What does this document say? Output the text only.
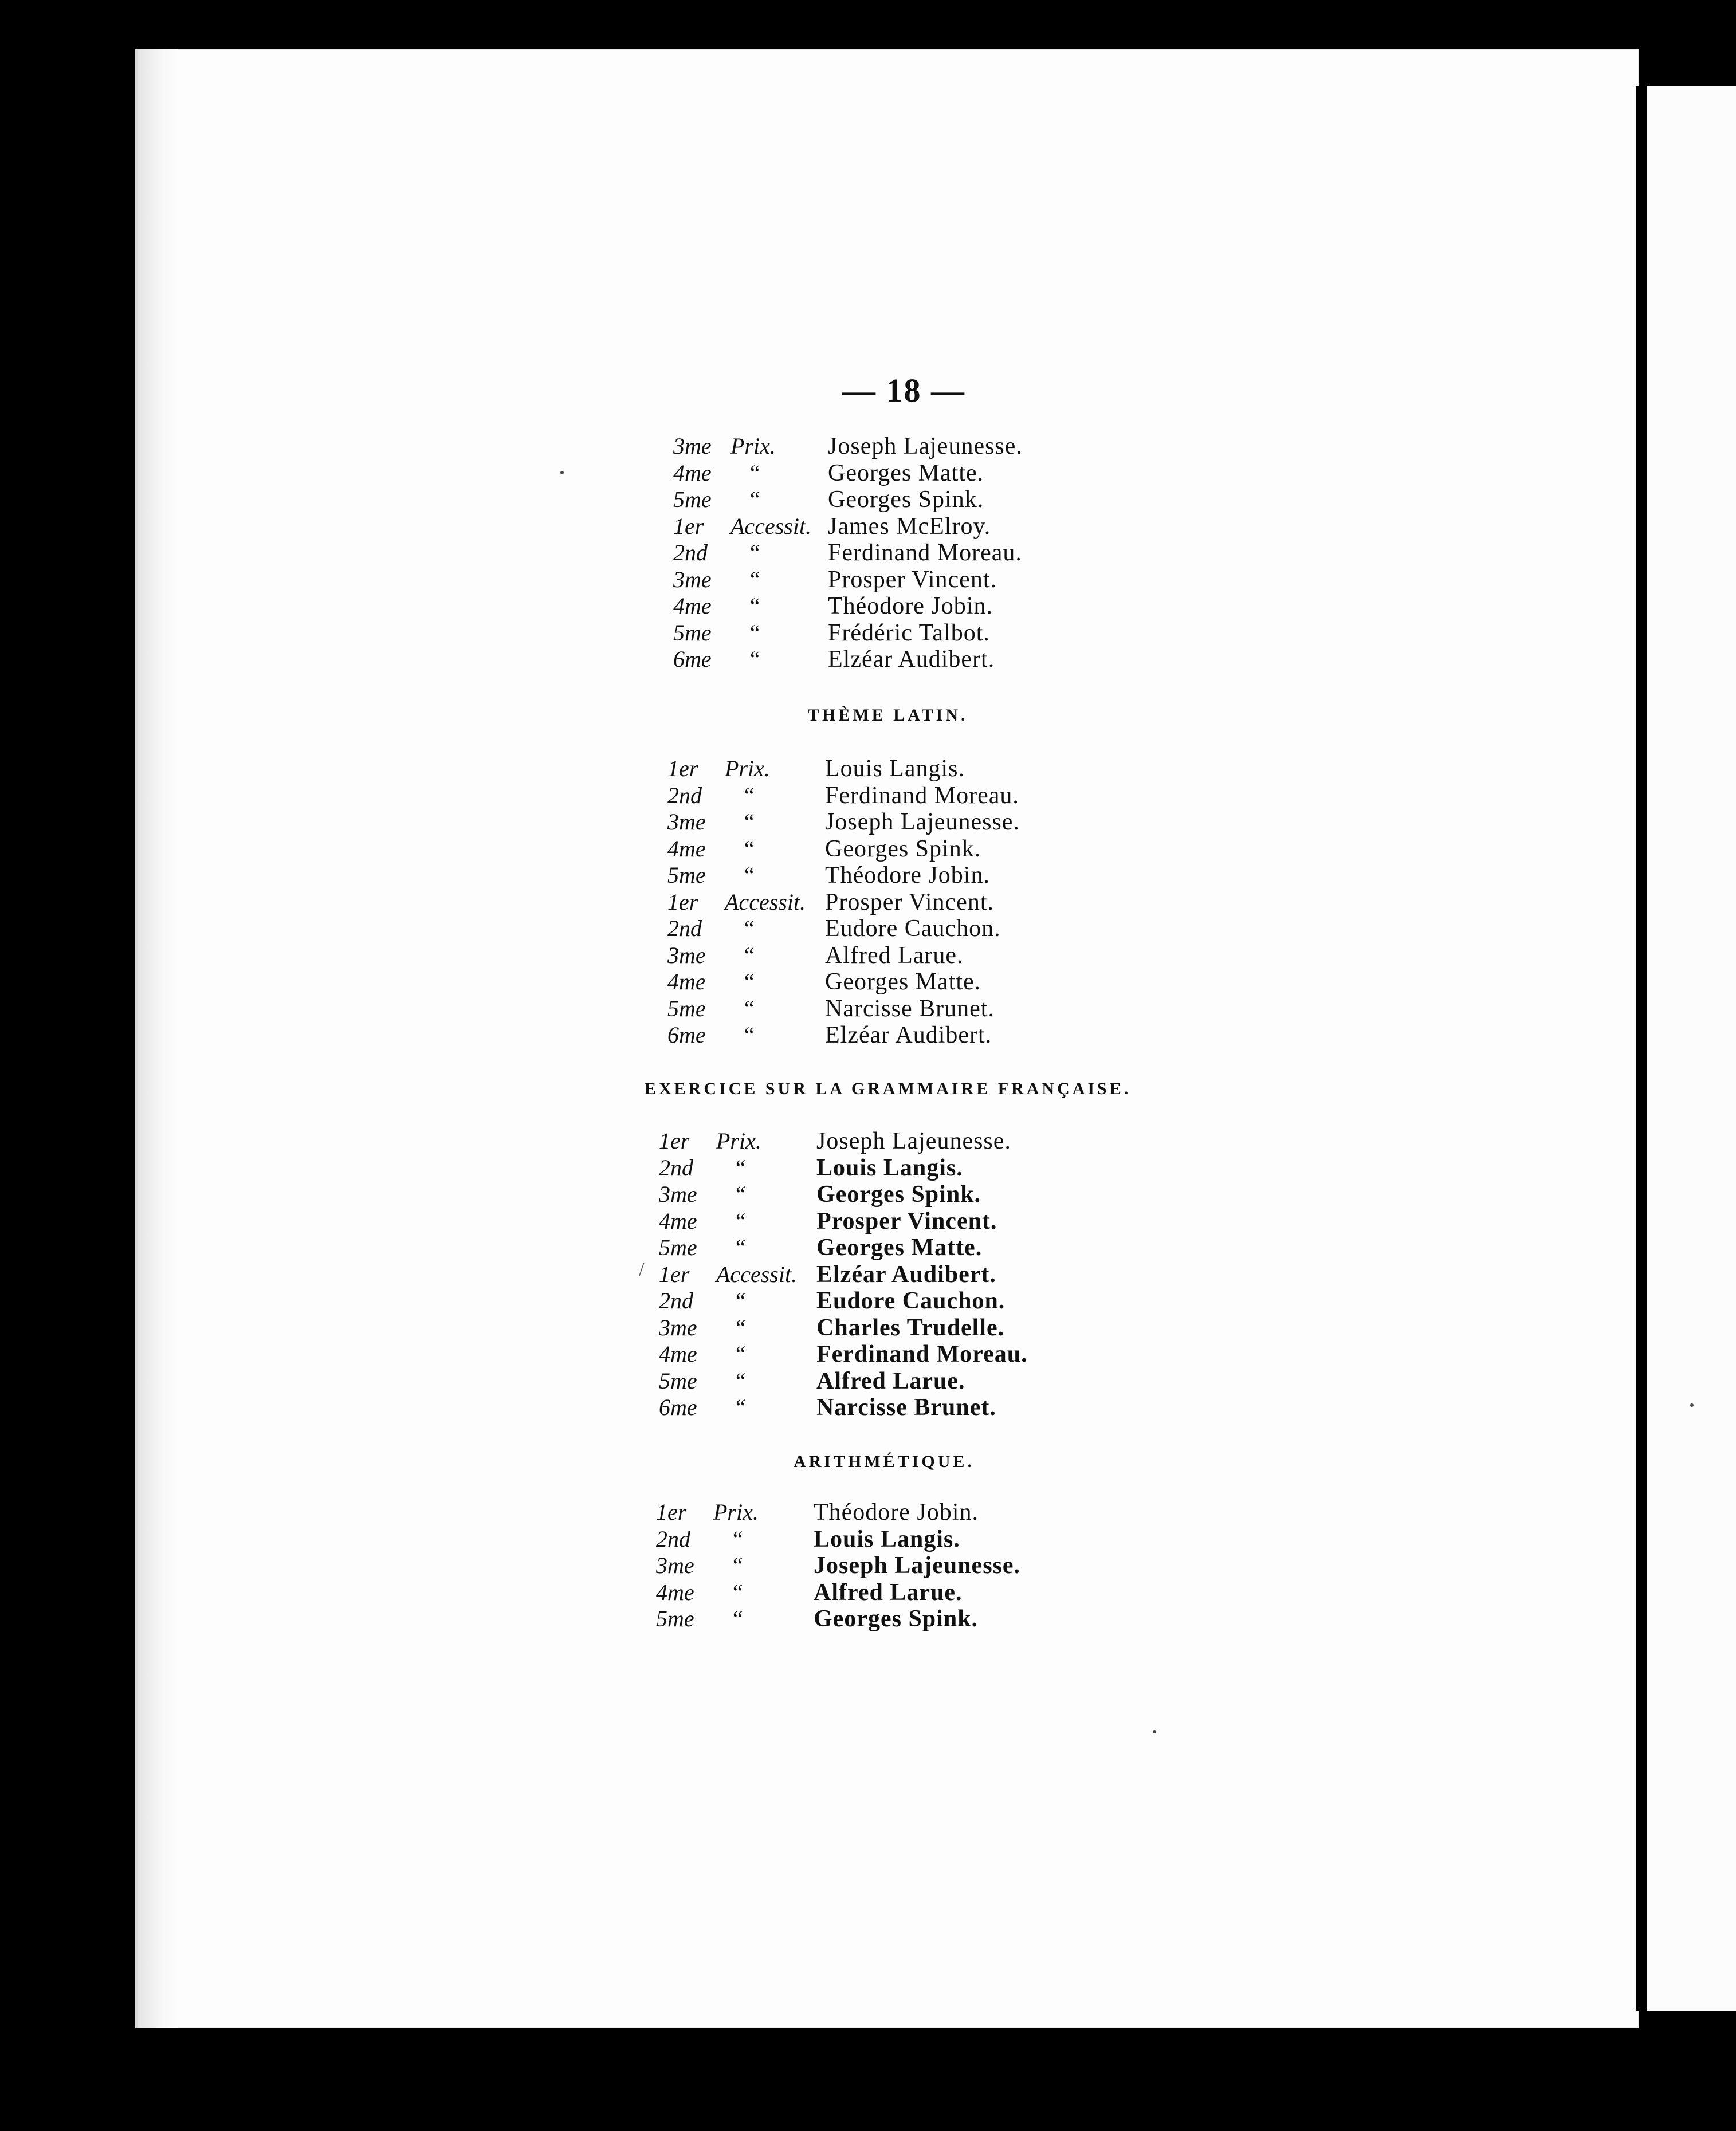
— 18 —
3me Prix. Joseph Lajeunesse.
4me “	Georges Matte.
5me “	Georges Spink.
1er Accessit. James McElroy.
2nd “	Ferdinand Moreau.
3me “	Prosper Vincent.
4me “	Théodore Jobin.
5me “	Frédéric Talbot.
6me “	Elzéar Audibert.
THÈME LATIN.
1er Prix. Louis Langis.
2nd “	Ferdinand Moreau.
3me “	Joseph Lajeunesse.
4me “	Georges Spink.
5me “	Théodore Jobin.
1er Accessit. Prosper Vincent.
2nd “	Eudore Cauchon.
3me “	Alfred Larue.
4me “	Georges Matte.
5me “	Narcisse Brunet.
6me “	Elzéar Audibert.
EXERCICE SUR LA GRAMMAIRE FRANÇAISE.
1er Prix. Joseph Lajeunesse.
2nd “	Louis Langis.
3me “	Georges Spink.
4me “	Prosper Vincent.
5me “	Georges Matte.
1er Accessit. Elzéar Audibert.
2nd “	Eudore Cauchon.
3me “	Charles Trudelle.
4me “	Ferdinand Moreau.
5me “	Alfred Larue.
6me “	Narcisse Brunet.
ARITHMÉTIQUE.
1er Prix. Théodore Jobin.
2nd “	Louis Langis.
3me “	Joseph Lajeunesse.
4me “	Alfred Larue.
5me “	Georges Spink.
/
